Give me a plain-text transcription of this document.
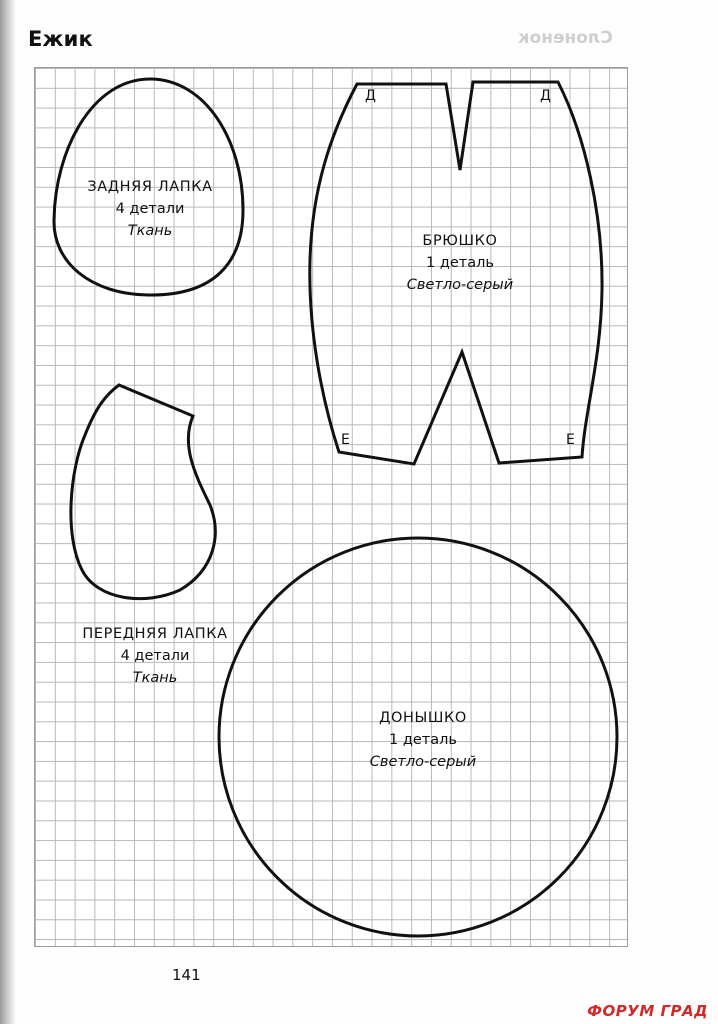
Ежик	Слоненок
ЗАДНЯЯ ЛАПКА
4 детали
Ткань
БРЮШКО
1 деталь
Светло-серый
Д	Д
Е	Е
ПЕРЕДНЯЯ ЛАПКА
4 детали
Ткань
ДОНЫШКО
1 деталь
Светло-серый
141
ФОРУМ ГРАД
